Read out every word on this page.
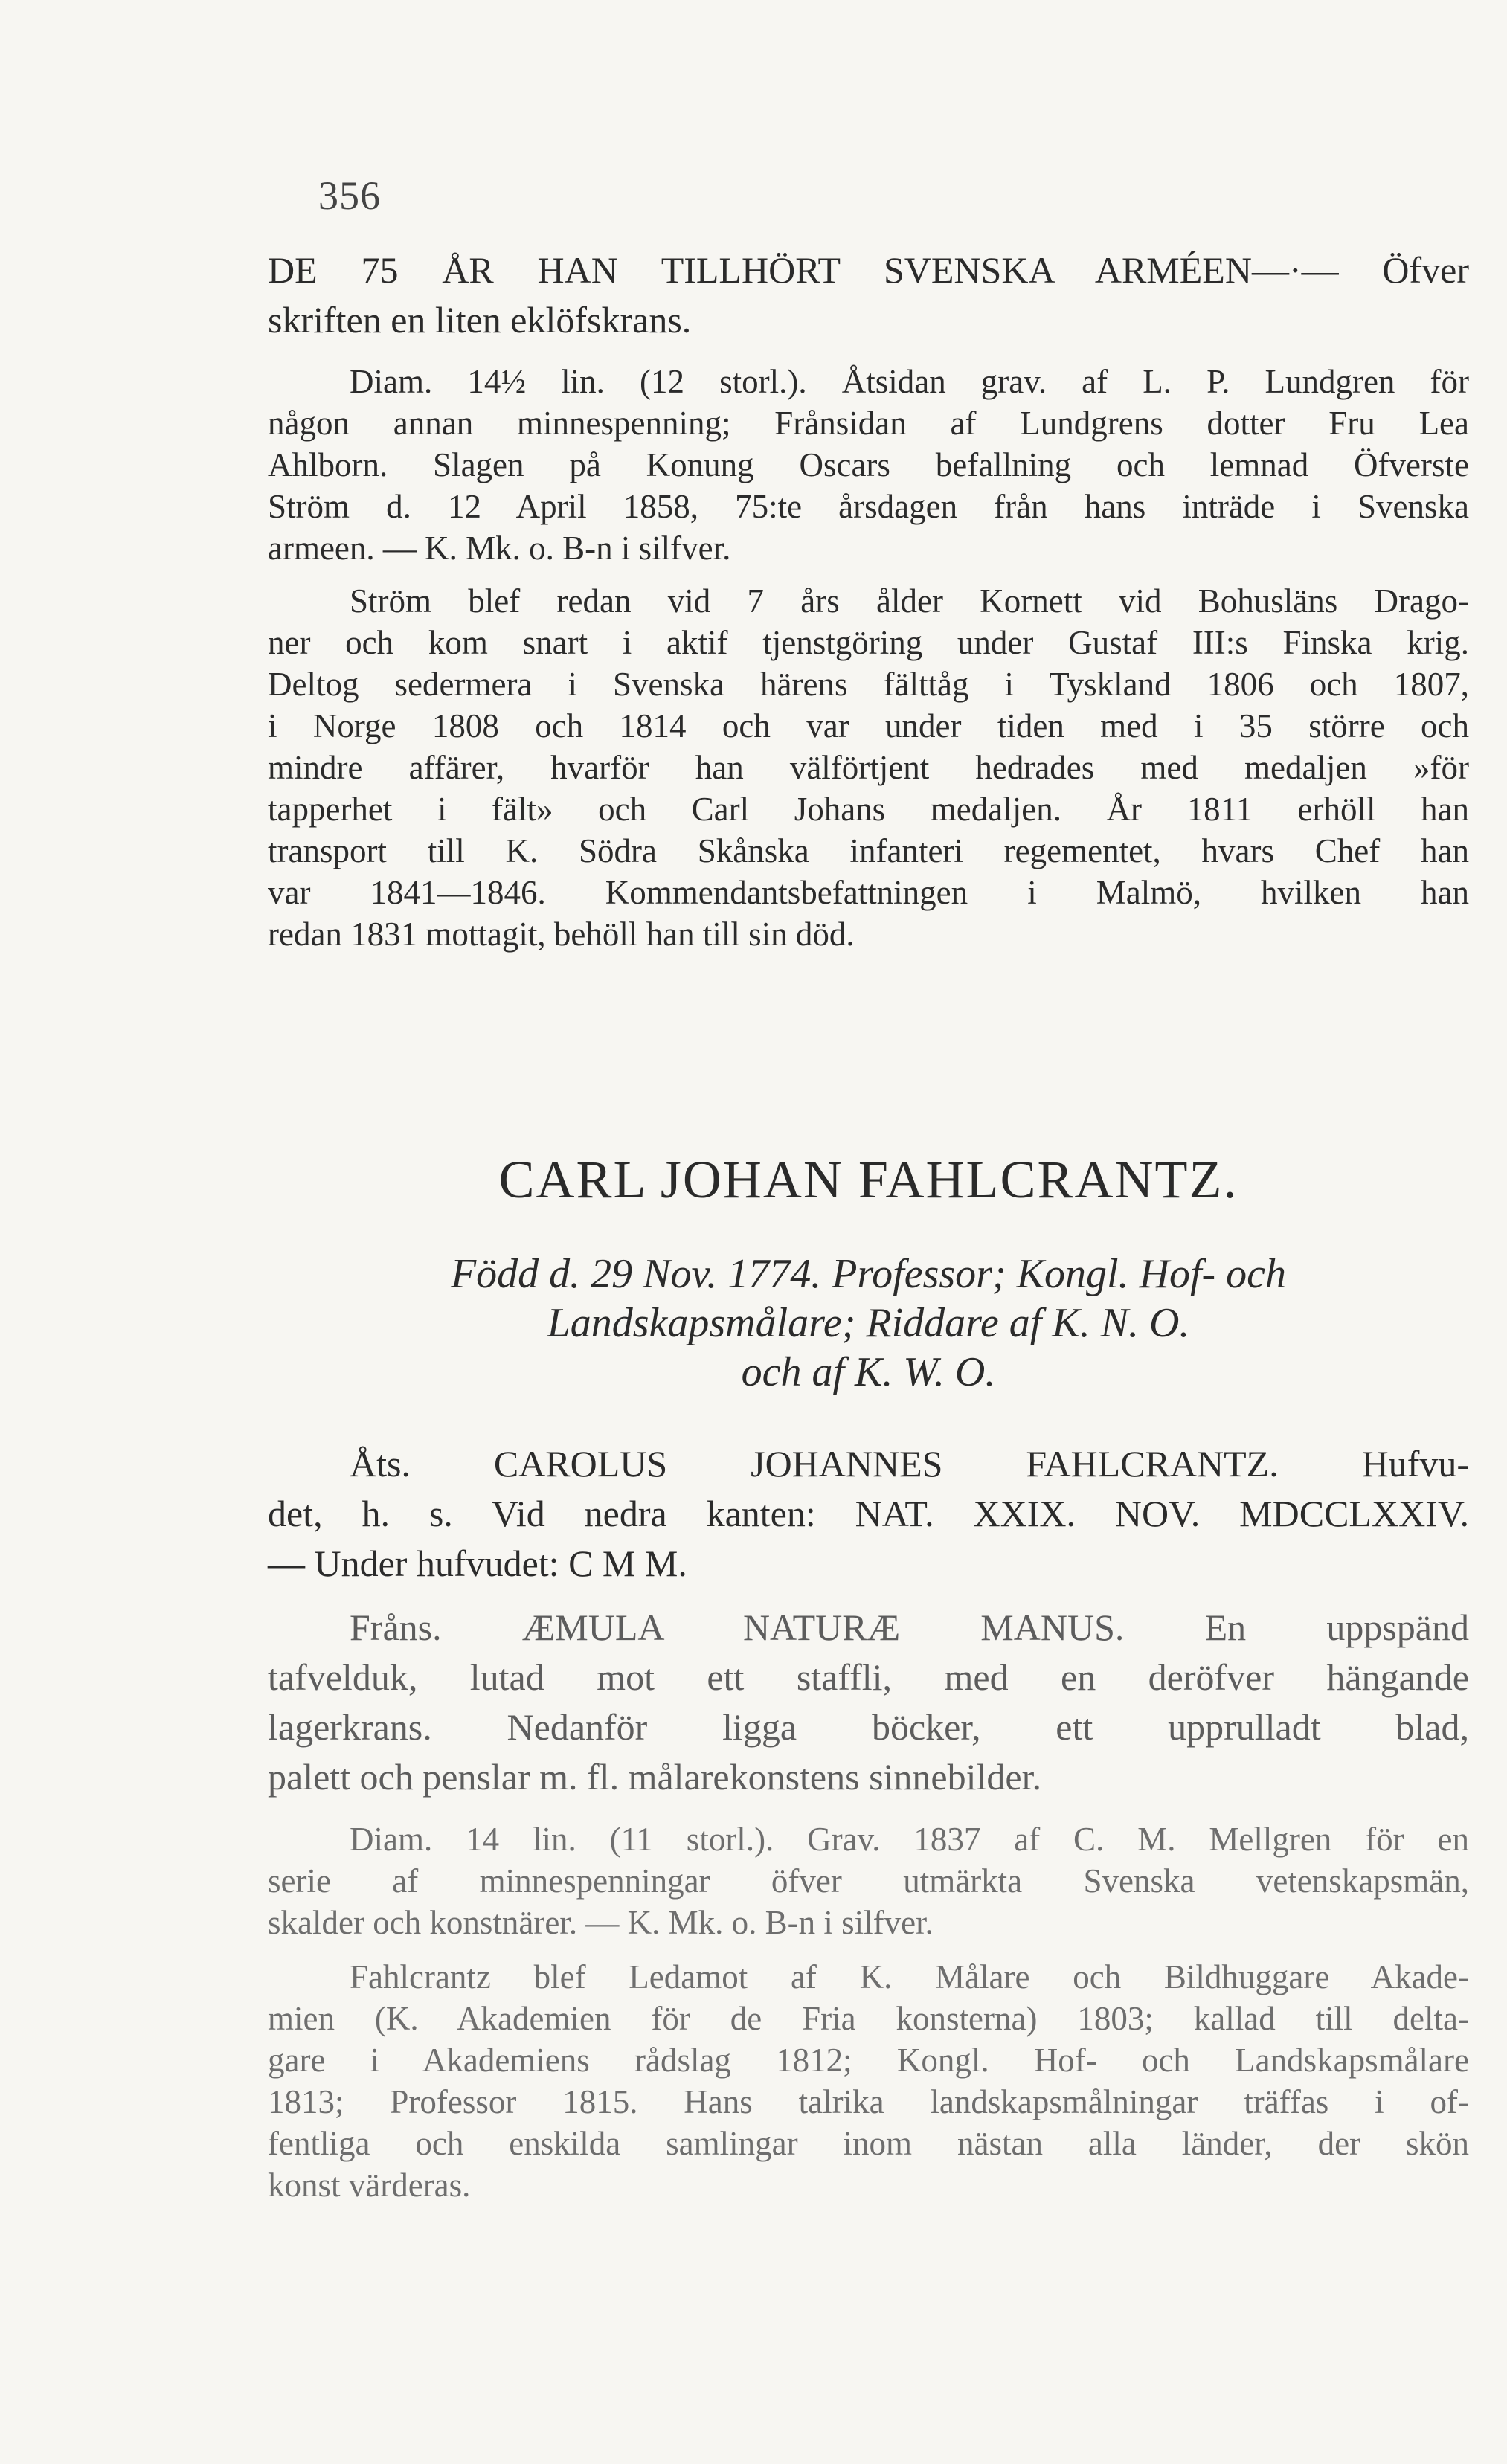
356
DE 75 ÅR HAN TILLHÖRT SVENSKA ARMÉEN—·— Öfver
skriften en liten eklöfskrans.
Diam. 14½ lin. (12 storl.). Åtsidan grav. af L. P. Lundgren för
någon annan minnespenning; Frånsidan af Lundgrens dotter Fru Lea
Ahlborn. Slagen på Konung Oscars befallning och lemnad Öfverste
Ström d. 12 April 1858, 75:te årsdagen från hans inträde i Svenska
armeen. — K. Mk. o. B-n i silfver.
Ström blef redan vid 7 års ålder Kornett vid Bohusläns Drago-
ner och kom snart i aktif tjenstgöring under Gustaf III:s Finska krig.
Deltog sedermera i Svenska härens fälttåg i Tyskland 1806 och 1807,
i Norge 1808 och 1814 och var under tiden med i 35 större och
mindre affärer, hvarför han välförtjent hedrades med medaljen »för
tapperhet i fält» och Carl Johans medaljen. År 1811 erhöll han
transport till K. Södra Skånska infanteri regementet, hvars Chef han
var 1841—1846. Kommendantsbefattningen i Malmö, hvilken han
redan 1831 mottagit, behöll han till sin död.
CARL JOHAN FAHLCRANTZ.
Född d. 29 Nov. 1774. Professor; Kongl. Hof- och
Landskapsmålare; Riddare af K. N. O.
och af K. W. O.
Åts. CAROLUS JOHANNES FAHLCRANTZ. Hufvu-
det, h. s. Vid nedra kanten: NAT. XXIX. NOV. MDCCLXXIV.
— Under hufvudet: C M M.
Fråns. ÆMULA NATURÆ MANUS. En uppspänd
tafvelduk, lutad mot ett staffli, med en deröfver hängande
lagerkrans. Nedanför ligga böcker, ett upprulladt blad,
palett och penslar m. fl. målarekonstens sinnebilder.
Diam. 14 lin. (11 storl.). Grav. 1837 af C. M. Mellgren för en
serie af minnespenningar öfver utmärkta Svenska vetenskapsmän,
skalder och konstnärer. — K. Mk. o. B-n i silfver.
Fahlcrantz blef Ledamot af K. Målare och Bildhuggare Akade-
mien (K. Akademien för de Fria konsterna) 1803; kallad till delta-
gare i Akademiens rådslag 1812; Kongl. Hof- och Landskapsmålare
1813; Professor 1815. Hans talrika landskapsmålningar träffas i of-
fentliga och enskilda samlingar inom nästan alla länder, der skön
konst värderas.
